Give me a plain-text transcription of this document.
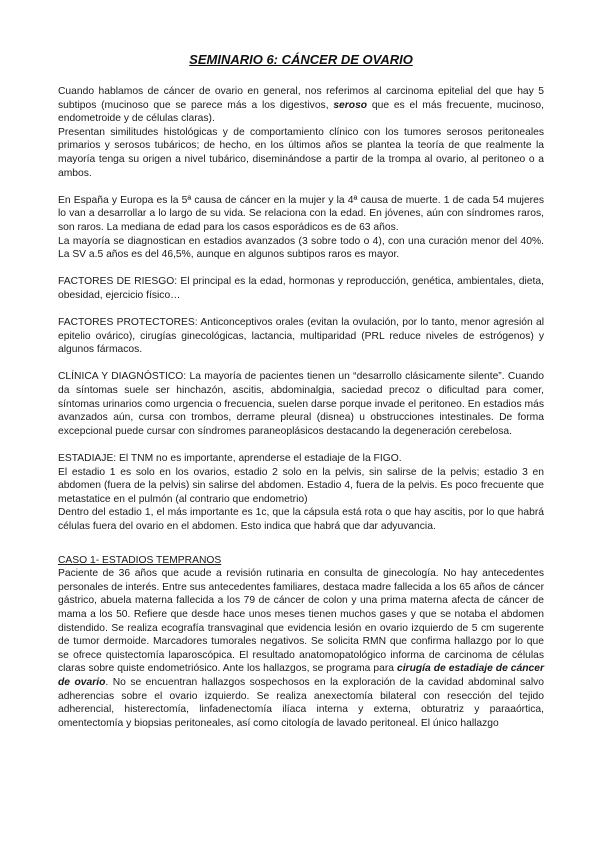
SEMINARIO 6: CÁNCER DE OVARIO

Cuando hablamos de cáncer de ovario en general, nos referimos al carcinoma epitelial del que hay 5 subtipos (mucinoso que se parece más a los digestivos, seroso que es el más frecuente, mucinoso, endometroide y de células claras).

Presentan similitudes histológicas y de comportamiento clínico con los tumores serosos peritoneales primarios y serosos tubáricos; de hecho, en los últimos años se plantea la teoría de que realmente la mayoría tenga su origen a nivel tubárico, diseminándose a partir de la trompa al ovario, al peritoneo o a ambos.

En España y Europa es la 5ª causa de cáncer en la mujer y la 4ª causa de muerte. 1 de cada 54 mujeres lo van a desarrollar a lo largo de su vida. Se relaciona con la edad. En jóvenes, aún con síndromes raros, son raros. La mediana de edad para los casos esporádicos es de 63 años.

La mayoría se diagnostican en estadios avanzados (3 sobre todo o 4), con una curación menor del 40%. La SV a.5 años es del 46,5%, aunque en algunos subtipos raros es mayor.

FACTORES DE RIESGO: El principal es la edad, hormonas y reproducción, genética, ambientales, dieta, obesidad, ejercicio físico…

FACTORES PROTECTORES: Anticonceptivos orales (evitan la ovulación, por lo tanto, menor agresión al epitelio ovárico), cirugías ginecológicas, lactancia, multiparidad (PRL reduce niveles de estrógenos) y algunos fármacos.

CLÍNICA Y DIAGNÓSTICO: La mayoría de pacientes tienen un “desarrollo clásicamente silente”. Cuando da síntomas suele ser hinchazón, ascitis, abdominalgia, saciedad precoz o dificultad para comer, síntomas urinarios como urgencia o frecuencia, suelen darse porque invade el peritoneo. En estadios más avanzados aún, cursa con trombos, derrame pleural (disnea) u obstrucciones intestinales. De forma excepcional puede cursar con síndromes paraneoplásicos destacando la degeneración cerebelosa.

ESTADIAJE: El TNM no es importante, aprenderse el estadiaje de la FIGO.

El estadio 1 es solo en los ovarios, estadio 2 solo en la pelvis, sin salirse de la pelvis; estadio 3 en abdomen (fuera de la pelvis) sin salirse del abdomen. Estadio 4, fuera de la pelvis. Es poco frecuente que metastatice en el pulmón (al contrario que endometrio)

Dentro del estadio 1, el más importante es 1c, que la cápsula está rota o que hay ascitis, por lo que habrá células fuera del ovario en el abdomen. Esto indica que habrá que dar adyuvancia.

CASO 1- ESTADIOS TEMPRANOS

Paciente de 36 años que acude a revisión rutinaria en consulta de ginecología. No hay antecedentes personales de interés. Entre sus antecedentes familiares, destaca madre fallecida a los 65 años de cáncer gástrico, abuela materna fallecida a los 79 de cáncer de colon y una prima materna afecta de cáncer de mama a los 50. Refiere que desde hace unos meses tienen muchos gases y que se notaba el abdomen distendido. Se realiza ecografía transvaginal que evidencia lesión en ovario izquierdo de 5 cm sugerente de tumor dermoide. Marcadores tumorales negativos. Se solicita RMN que confirma hallazgo por lo que se ofrece quistectomía laparoscópica. El resultado anatomopatológico informa de carcinoma de células claras sobre quiste endometriósico. Ante los hallazgos, se programa para cirugía de estadiaje de cáncer de ovario. No se encuentran hallazgos sospechosos en la exploración de la cavidad abdominal salvo adherencias sobre el ovario izquierdo. Se realiza anexectomía bilateral con resección del tejido adherencial, histerectomía, linfadenectomía ilíaca interna y externa, obturatriz y paraaórtica, omentectomía y biopsias peritoneales, así como citología de lavado peritoneal. El único hallazgo
